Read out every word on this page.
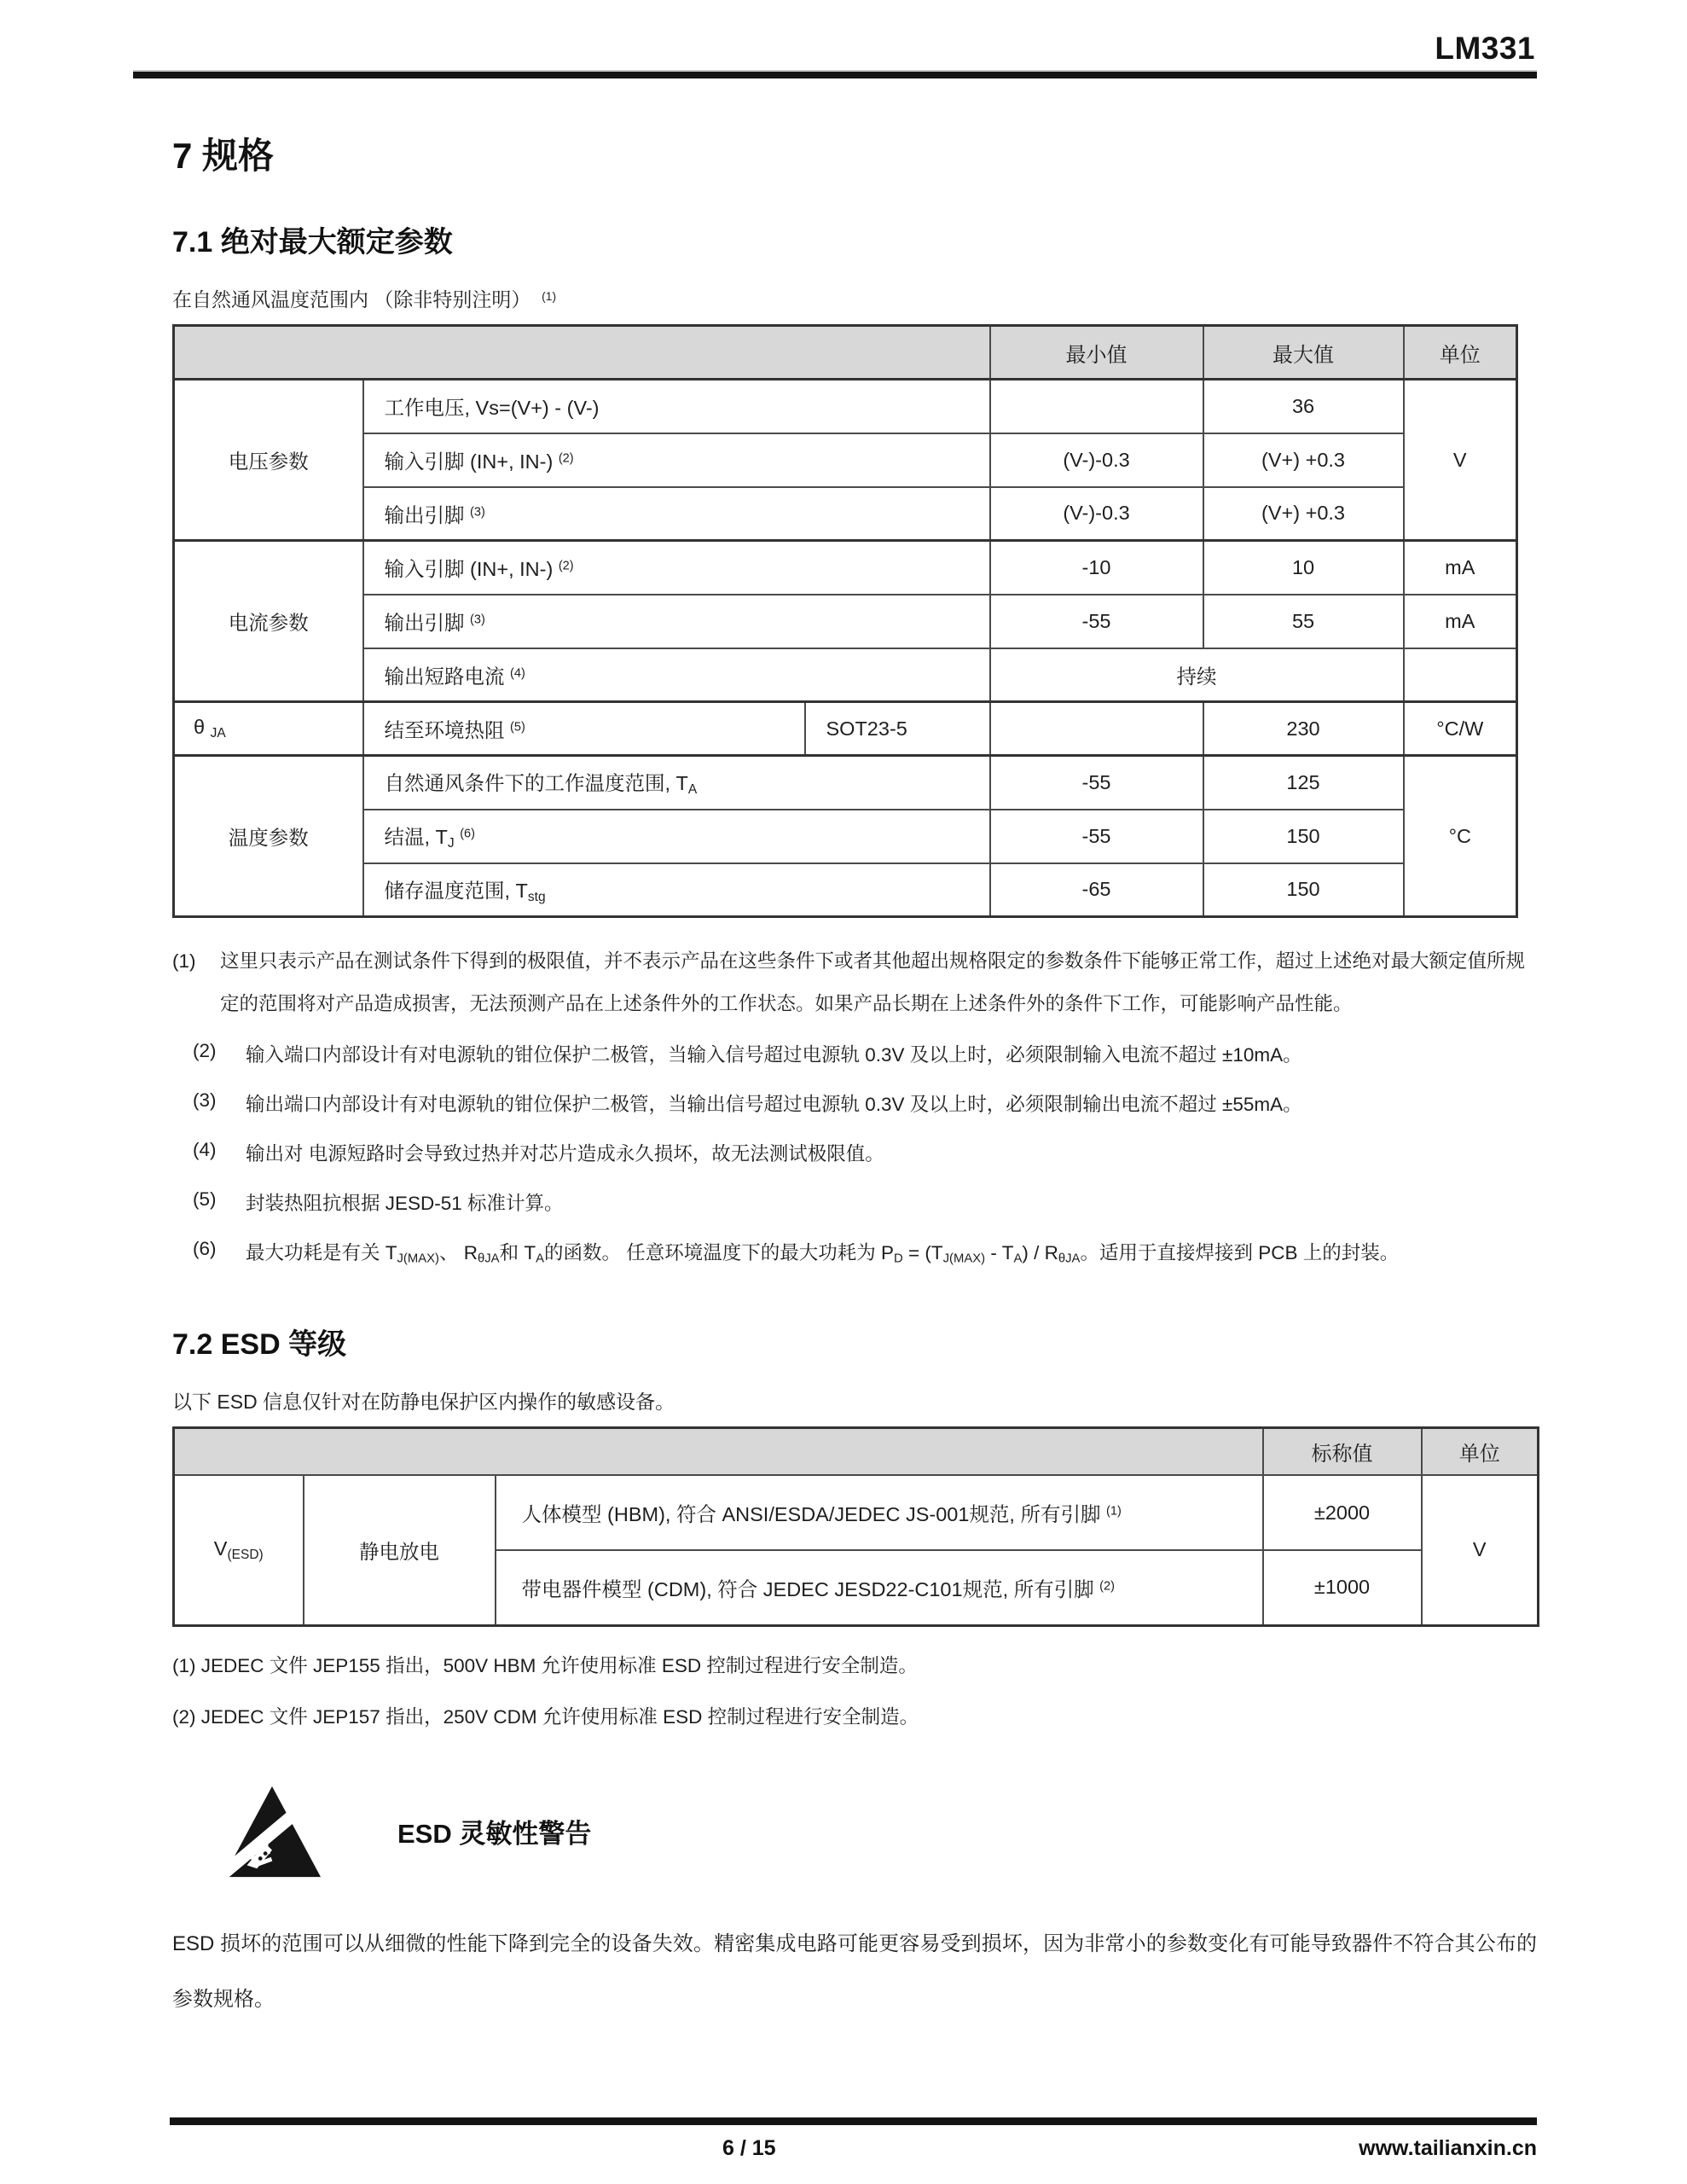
LM331
7 规格
7.1 绝对最大额定参数
在自然通风温度范围内 （除非特别注明） $^{(1)}$
			最小值	最大值	单位
电压参数	工作电压, Vs=(V+) - (V-)			36	V
	输入引脚 (IN+, IN-) $^{(2)}$		(V-)-0.3	(V+) +0.3	
	输出引脚 $^{(3)}$		(V-)-0.3	(V+) +0.3	
电流参数	输入引脚 (IN+, IN-) $^{(2)}$		-10	10	mA
	输出引脚 $^{(3)}$		-55	55	mA
	输出短路电流 $^{(4)}$		持续		
θ $_{JA}$	结至环境热阻 $^{(5)}$	SOT23-5		230	°C/W
温度参数	自然通风条件下的工作温度范围, $T_A$		-55	125	°C
	结温, $T_J$ $^{(6)}$		-55	150	
	储存温度范围, $T_{stg}$		-65	150	
(1)	这里只表示产品在测试条件下得到的极限值，并不表示产品在这些条件下或者其他超出规格限定的参数条件下能够正常工作，超过上述绝对最大额定值所规定的范围将对产品造成损害，无法预测产品在上述条件外的工作状态。如果产品长期在上述条件外的条件下工作，可能影响产品性能。
(2)	输入端口内部设计有对电源轨的钳位保护二极管，当输入信号超过电源轨 0.3V 及以上时，必须限制输入电流不超过 ±10mA。
(3)	输出端口内部设计有对电源轨的钳位保护二极管，当输出信号超过电源轨 0.3V 及以上时，必须限制输出电流不超过 ±55mA。
(4)	输出对 电源短路时会导致过热并对芯片造成永久损坏，故无法测试极限值。
(5)	封装热阻抗根据 JESD-51 标准计算。
(6)	最大功耗是有关 $T_{J(MAX)}$、 $R_{\theta JA}$和 $T_A$的函数。 任意环境温度下的最大功耗为 $P_D = (T_{J(MAX)} - T_A) / R_{\theta JA}$。适用于直接焊接到 PCB 上的封装。
7.2 ESD 等级
以下 ESD 信息仅针对在防静电保护区内操作的敏感设备。
			标称值	单位
$V_{(ESD)}$	静电放电	人体模型 (HBM), 符合 ANSI/ESDA/JEDEC JS-001规范, 所有引脚 $^{(1)}$	±2000	V
		带电器件模型 (CDM), 符合 JEDEC JESD22-C101规范, 所有引脚 $^{(2)}$	±1000	
(1) JEDEC 文件 JEP155 指出，500V HBM 允许使用标准 ESD 控制过程进行安全制造。
(2) JEDEC 文件 JEP157 指出，250V CDM 允许使用标准 ESD 控制过程进行安全制造。
ESD 灵敏性警告
ESD 损坏的范围可以从细微的性能下降到完全的设备失效。精密集成电路可能更容易受到损坏，因为非常小的参数变化有可能导致器件不符合其公布的参数规格。
6 / 15	www.tailianxin.cn
